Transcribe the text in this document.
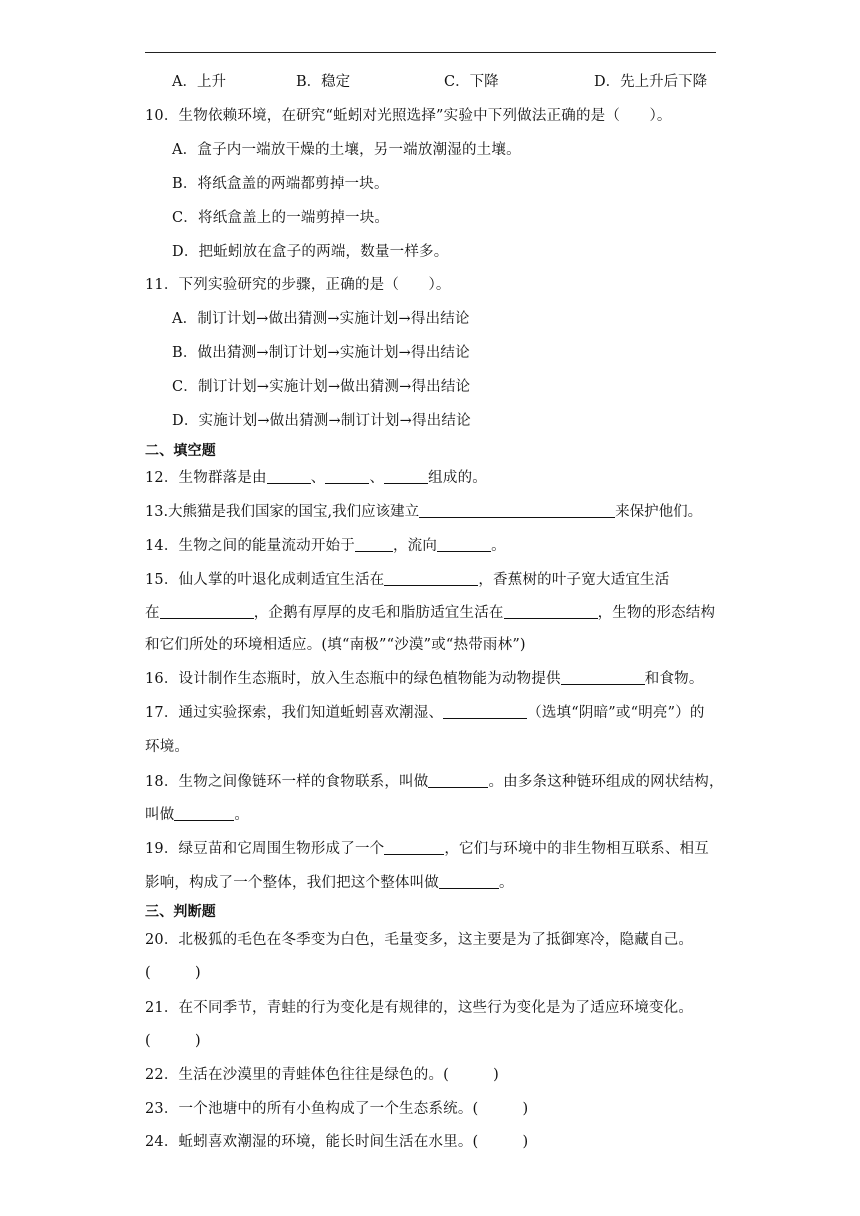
A．上升	B．稳定	C．下降	D．先上升后下降
10．生物依赖环境，在研究“蚯蚓对光照选择”实验中下列做法正确的是（　　）。
A．盒子内一端放干燥的土壤，另一端放潮湿的土壤。
B．将纸盒盖的两端都剪掉一块。
C．将纸盒盖上的一端剪掉一块。
D．把蚯蚓放在盒子的两端，数量一样多。
11．下列实验研究的步骤，正确的是（　　）。
A．制订计划→做出猜测→实施计划→得出结论
B．做出猜测→制订计划→实施计划→得出结论
C．制订计划→实施计划→做出猜测→得出结论
D．实施计划→做出猜测→制订计划→得出结论
二、填空题
12．生物群落是由	、	、	组成的。
13.大熊猫是我们国家的国宝,我们应该建立	来保护他们。
14．生物之间的能量流动开始于	，流向	。
15．仙人掌的叶退化成刺适宜生活在	，香蕉树的叶子宽大适宜生活
在	，企鹅有厚厚的皮毛和脂肪适宜生活在	，生物的形态结构
和它们所处的环境相适应。(填“南极”“沙漠”或“热带雨林”)
16．设计制作生态瓶时，放入生态瓶中的绿色植物能为动物提供	和食物。
17．通过实验探索，我们知道蚯蚓喜欢潮湿、	（选填“阴暗”或“明亮”）的
环境。
18．生物之间像链环一样的食物联系，叫做	。由多条这种链环组成的网状结构，
叫做	。
19．绿豆苗和它周围生物形成了一个	，它们与环境中的非生物相互联系、相互
影响，构成了一个整体，我们把这个整体叫做	。
三、判断题
20．北极狐的毛色在冬季变为白色，毛量变多，这主要是为了抵御寒冷，隐藏自己。
(　　　)
21．在不同季节，青蛙的行为变化是有规律的，这些行为变化是为了适应环境变化。
(　　　)
22．生活在沙漠里的青蛙体色往往是绿色的。(　　　)
23．一个池塘中的所有小鱼构成了一个生态系统。(　　　)
24．蚯蚓喜欢潮湿的环境，能长时间生活在水里。(　　　)
